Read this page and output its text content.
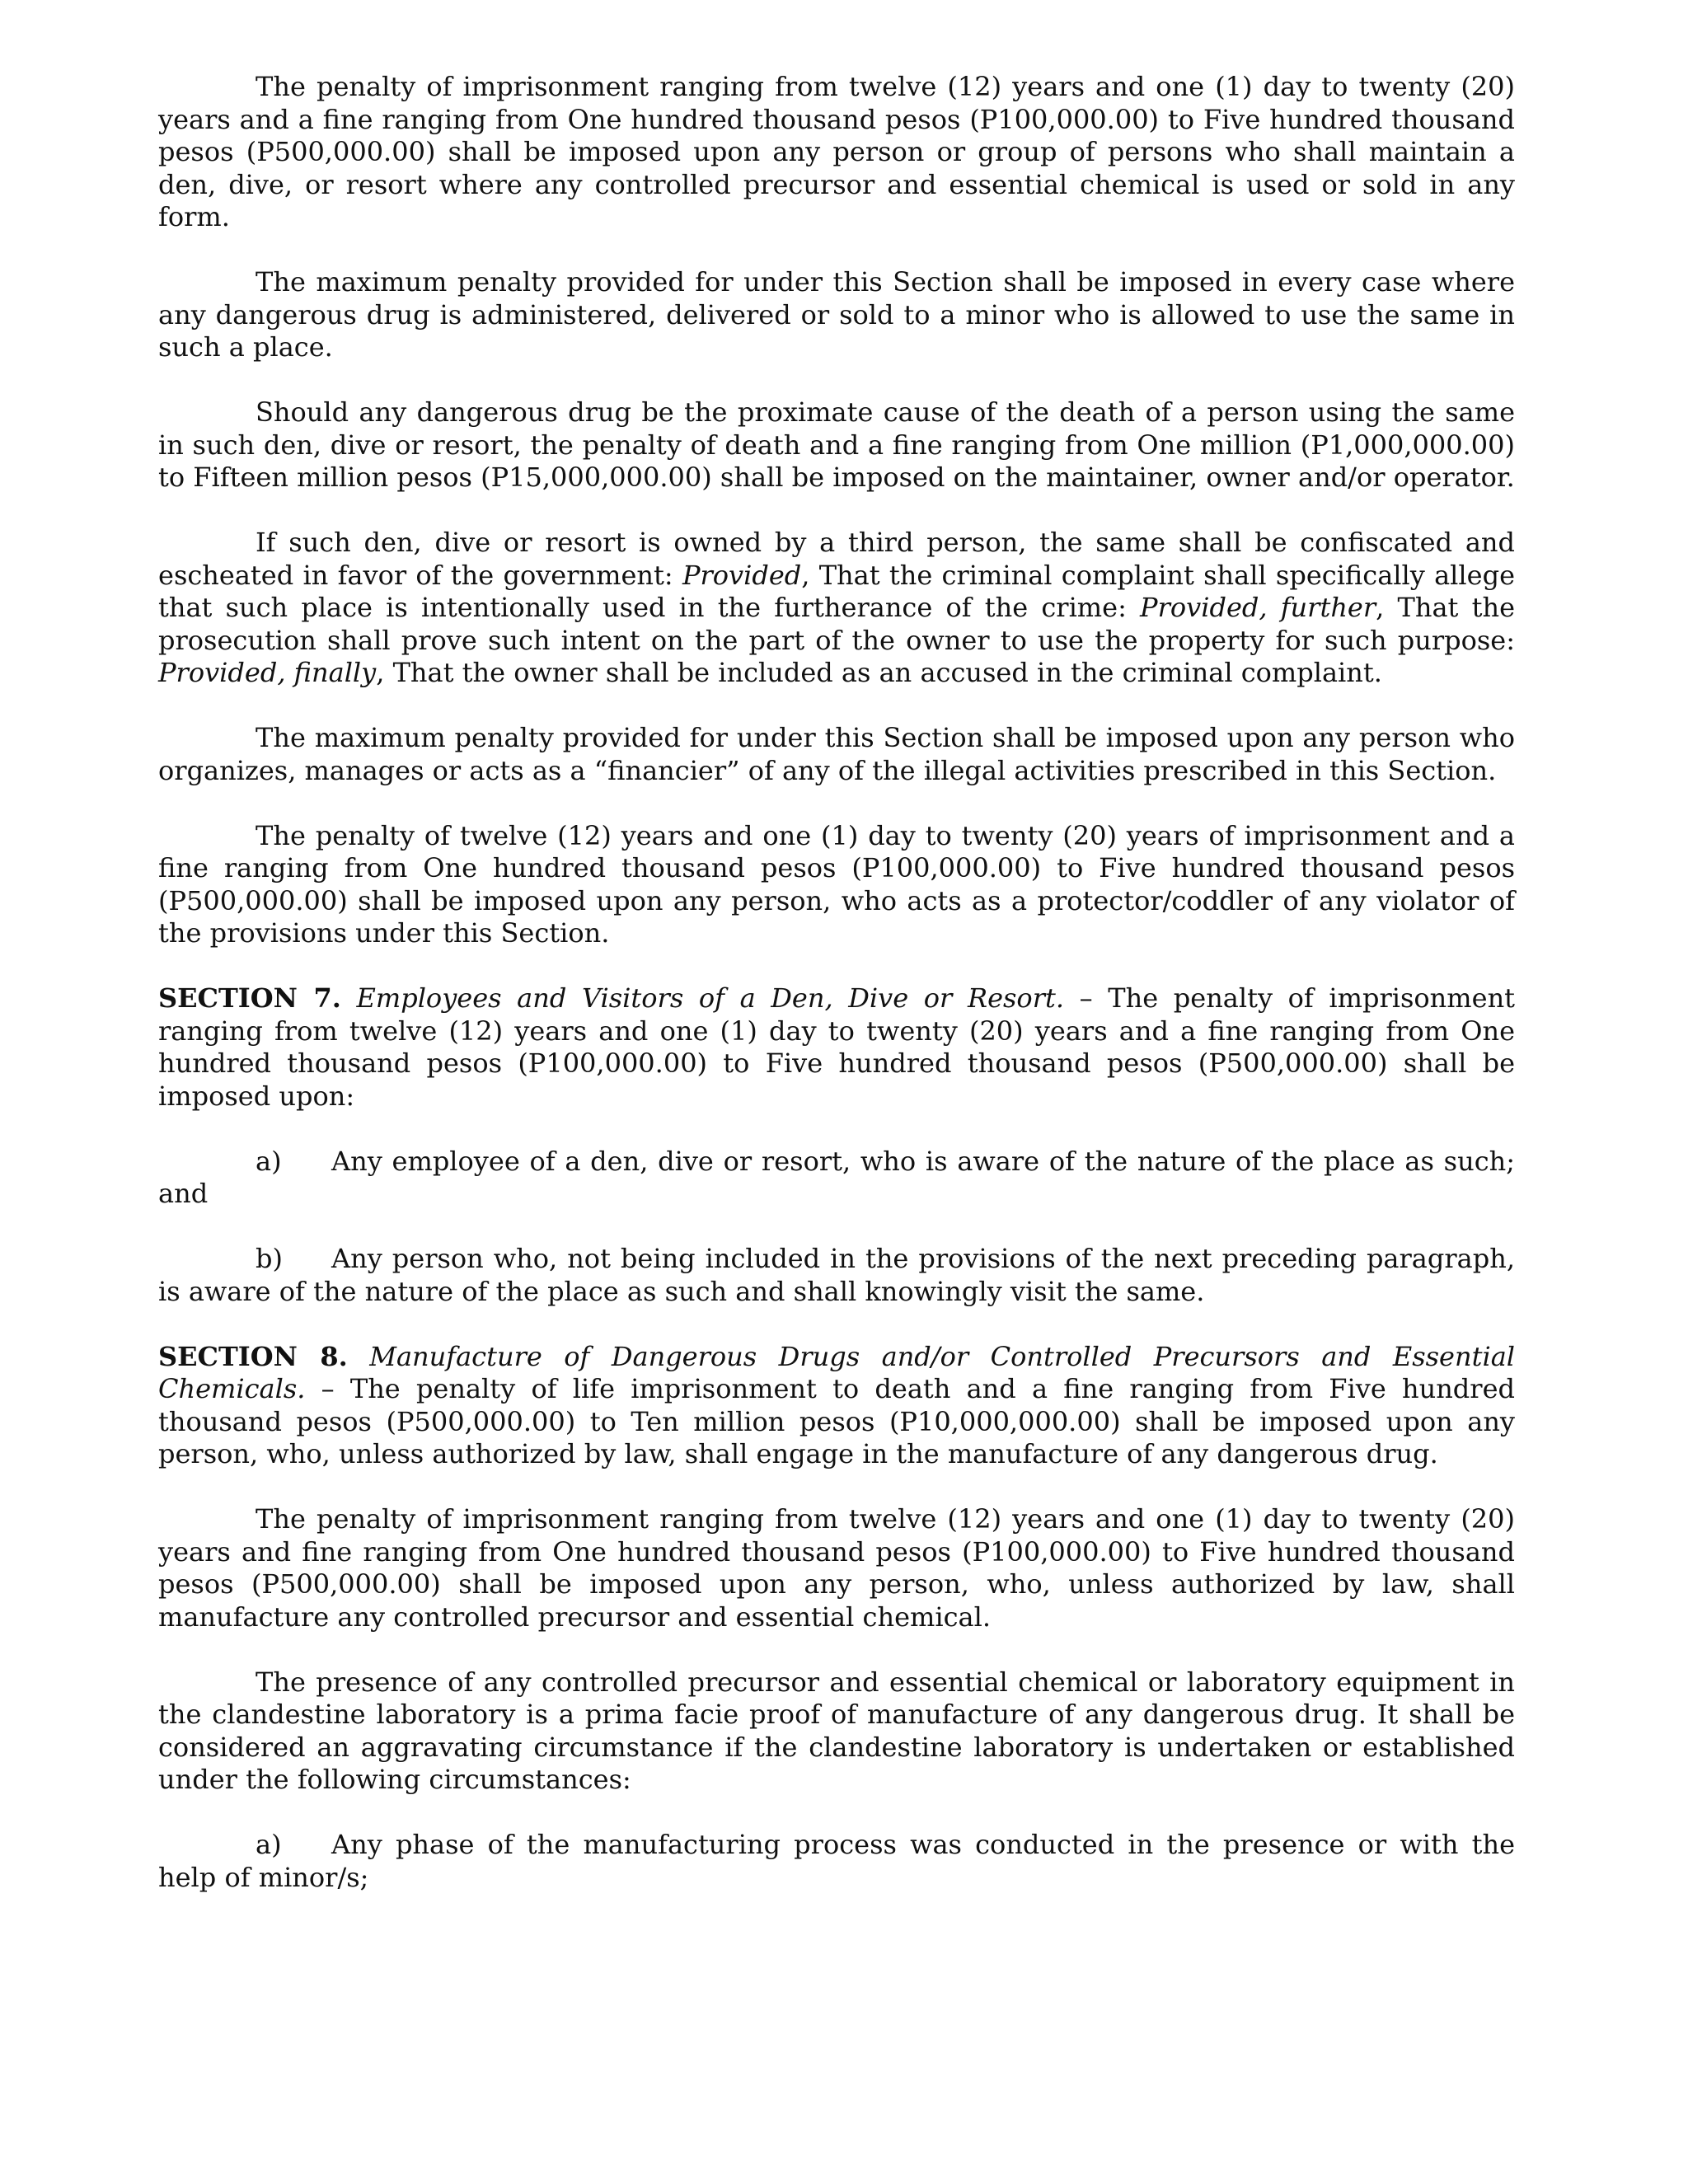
The penalty of imprisonment ranging from twelve (12) years and one (1) day to twenty (20) years and a fine ranging from One hundred thousand pesos (P100,000.00) to Five hundred thousand pesos (P500,000.00) shall be imposed upon any person or group of persons who shall maintain a den, dive, or resort where any controlled precursor and essential chemical is used or sold in any form.

The maximum penalty provided for under this Section shall be imposed in every case where any dangerous drug is administered, delivered or sold to a minor who is allowed to use the same in such a place.

Should any dangerous drug be the proximate cause of the death of a person using the same in such den, dive or resort, the penalty of death and a fine ranging from One million (P1,000,000.00) to Fifteen million pesos (P15,000,000.00) shall be imposed on the maintainer, owner and/or operator.

If such den, dive or resort is owned by a third person, the same shall be confiscated and escheated in favor of the government: Provided, That the criminal complaint shall specifically allege that such place is intentionally used in the furtherance of the crime: Provided, further, That the prosecution shall prove such intent on the part of the owner to use the property for such purpose: Provided, finally, That the owner shall be included as an accused in the criminal complaint.

The maximum penalty provided for under this Section shall be imposed upon any person who organizes, manages or acts as a “financier” of any of the illegal activities prescribed in this Section.

The penalty of twelve (12) years and one (1) day to twenty (20) years of imprisonment and a fine ranging from One hundred thousand pesos (P100,000.00) to Five hundred thousand pesos (P500,000.00) shall be imposed upon any person, who acts as a protector/coddler of any violator of the provisions under this Section.

SECTION 7. Employees and Visitors of a Den, Dive or Resort. – The penalty of imprisonment ranging from twelve (12) years and one (1) day to twenty (20) years and a fine ranging from One hundred thousand pesos (P100,000.00) to Five hundred thousand pesos (P500,000.00) shall be imposed upon:

a) Any employee of a den, dive or resort, who is aware of the nature of the place as such; and

b) Any person who, not being included in the provisions of the next preceding paragraph, is aware of the nature of the place as such and shall knowingly visit the same.

SECTION 8. Manufacture of Dangerous Drugs and/or Controlled Precursors and Essential Chemicals. – The penalty of life imprisonment to death and a fine ranging from Five hundred thousand pesos (P500,000.00) to Ten million pesos (P10,000,000.00) shall be imposed upon any person, who, unless authorized by law, shall engage in the manufacture of any dangerous drug.

The penalty of imprisonment ranging from twelve (12) years and one (1) day to twenty (20) years and fine ranging from One hundred thousand pesos (P100,000.00) to Five hundred thousand pesos (P500,000.00) shall be imposed upon any person, who, unless authorized by law, shall manufacture any controlled precursor and essential chemical.

The presence of any controlled precursor and essential chemical or laboratory equipment in the clandestine laboratory is a prima facie proof of manufacture of any dangerous drug. It shall be considered an aggravating circumstance if the clandestine laboratory is undertaken or established under the following circumstances:

a) Any phase of the manufacturing process was conducted in the presence or with the help of minor/s;
